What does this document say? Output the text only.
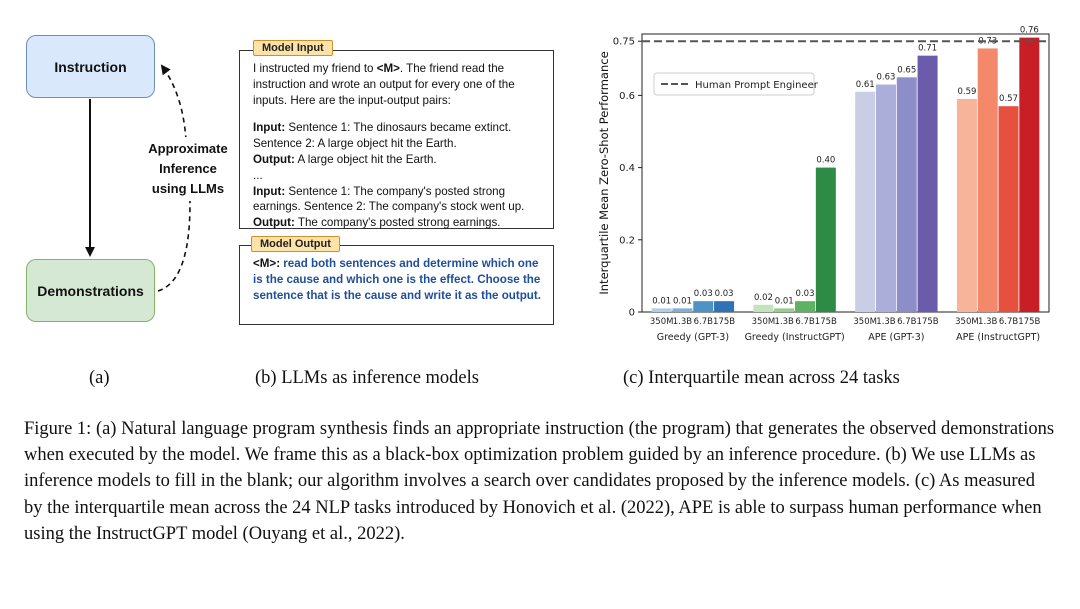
Instruction
Demonstrations
Approximate
Inference
using LLMs
Model Input

I instructed my friend to <M>. The friend read the instruction and wrote an output for every one of the inputs. Here are the input-output pairs:

Input: Sentence 1: The dinosaurs became extinct. Sentence 2: A large object hit the Earth.

Output: A large object hit the Earth.

...

Input: Sentence 1: The company's posted strong earnings. Sentence 2: The company's stock went up.

Output: The company's posted strong earnings.

Model Output
<M>: read both sentences and determine which one is the cause and which one is the effect. Choose the sentence that is the cause and write it as the output.	0.01
350M
0.01
1.3B
0.03
6.7B
0.03
175B
Greedy (GPT-3)
0.02
350M
0.01
1.3B
0.03
6.7B
0.40
175B
Greedy (InstructGPT)
0.61
350M
0.63
1.3B
0.65
6.7B
0.71
175B
APE (GPT-3)
0.59
350M
0.73
1.3B
0.57
6.7B
0.76
175B
APE (InstructGPT)
0
0.2
0.4
0.6
0.75
Interquartile Mean Zero-Shot Performance	Human Prompt Engineer
(a)	(b) LLMs as inference models	(c) Interquartile mean across 24 tasks
Figure 1: (a) Natural language program synthesis finds an appropriate instruction (the program) that generates the observed demonstrations when executed by the model. We frame this as a black-box optimization problem guided by an inference procedure. (b) We use LLMs as inference models to fill in the blank; our algorithm involves a search over candidates proposed by the inference models. (c) As measured by the interquartile mean across the 24 NLP tasks introduced by Honovich et al. (2022), APE is able to surpass human performance when using the InstructGPT model (Ouyang et al., 2022).
